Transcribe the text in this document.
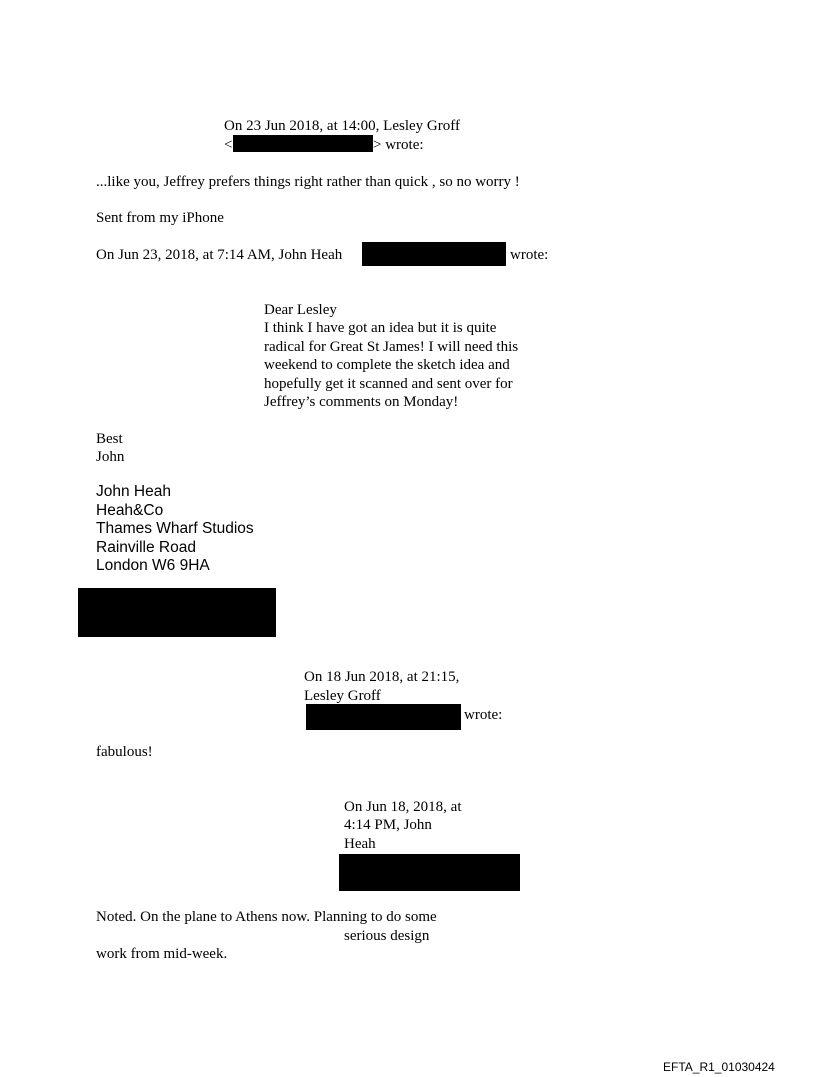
On 23 Jun 2018, at 14:00, Lesley Groff
<	> wrote:
...like you, Jeffrey prefers things right rather than quick , so no worry !
Sent from my iPhone
On Jun 23, 2018, at 7:14 AM, John Heah	wrote:
Dear Lesley
I think I have got an idea but it is quite
radical for Great St James! I will need this
weekend to complete the sketch idea and
hopefully get it scanned and sent over for
Jeffrey’s comments on Monday!
Best
John
John Heah
Heah&Co
Thames Wharf Studios
Rainville Road
London W6 9HA
On 18 Jun 2018, at 21:15,
Lesley Groff
wrote:
fabulous!
On Jun 18, 2018, at
4:14 PM, John
Heah
Noted. On the plane to Athens now. Planning to do some
serious design
work from mid-week.
EFTA_R1_01030424
